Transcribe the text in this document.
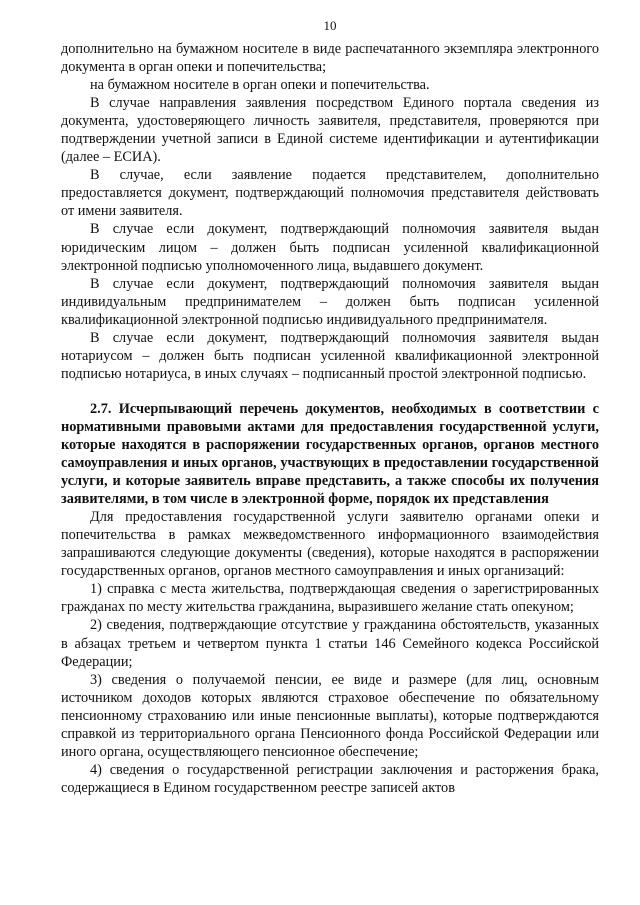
10

дополнительно на бумажном носителе в виде распечатанного экземпляра электронного документа в орган опеки и попечительства;

на бумажном носителе в орган опеки и попечительства.

В случае направления заявления посредством Единого портала сведения из документа, удостоверяющего личность заявителя, представителя, проверяются при подтверждении учетной записи в Единой системе идентификации и аутентификации (далее – ЕСИА).

В случае, если заявление подается представителем, дополнительно предоставляется документ, подтверждающий полномочия представителя действовать от имени заявителя.

В случае если документ, подтверждающий полномочия заявителя выдан юридическим лицом – должен быть подписан усиленной квалификационной электронной подписью уполномоченного лица, выдавшего документ.

В случае если документ, подтверждающий полномочия заявителя выдан индивидуальным предпринимателем – должен быть подписан усиленной квалификационной электронной подписью индивидуального предпринимателя.

В случае если документ, подтверждающий полномочия заявителя выдан нотариусом – должен быть подписан усиленной квалификационной электронной подписью нотариуса, в иных случаях – подписанный простой электронной подписью.

2.7. Исчерпывающий перечень документов, необходимых в соответствии с нормативными правовыми актами для предоставления государственной услуги, которые находятся в распоряжении государственных органов, органов местного самоуправления и иных органов, участвующих в предоставлении государственной услуги, и которые заявитель вправе представить, а также способы их получения заявителями, в том числе в электронной форме, порядок их представления

Для предоставления государственной услуги заявителю органами опеки и попечительства в рамках межведомственного информационного взаимодействия запрашиваются следующие документы (сведения), которые находятся в распоряжении государственных органов, органов местного самоуправления и иных организаций:

1) справка с места жительства, подтверждающая сведения о зарегистрированных гражданах по месту жительства гражданина, выразившего желание стать опекуном;

2) сведения, подтверждающие отсутствие у гражданина обстоятельств, указанных в абзацах третьем и четвертом пункта 1 статьи 146 Семейного кодекса Российской Федерации;

3) сведения о получаемой пенсии, ее виде и размере (для лиц, основным источником доходов которых являются страховое обеспечение по обязательному пенсионному страхованию или иные пенсионные выплаты), которые подтверждаются справкой из территориального органа Пенсионного фонда Российской Федерации или иного органа, осуществляющего пенсионное обеспечение;

4) сведения о государственной регистрации заключения и расторжения брака, содержащиеся в Едином государственном реестре записей актов
